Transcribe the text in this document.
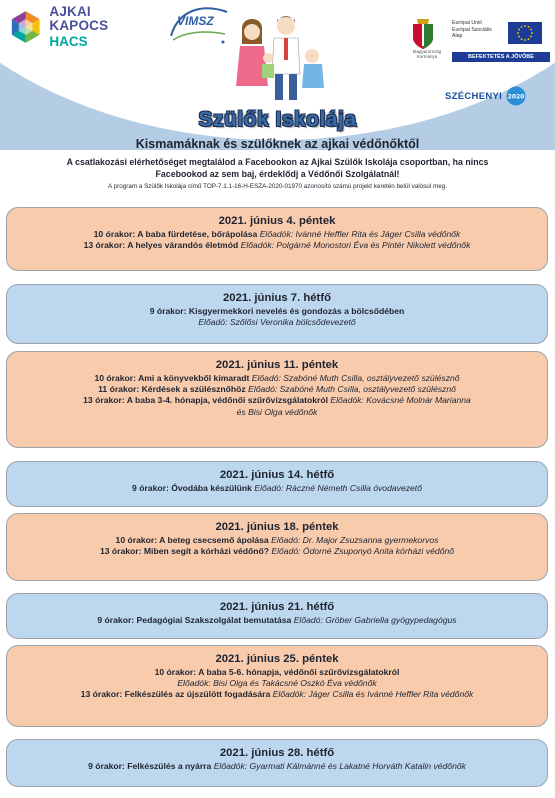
AJKAI KAPOCS
HACS
VIMSZ
Magyarország Kormánya
Európai Unió
Európai Szociális
Alap
BEFEKTETÉS A JÖVŐBE
SZÉCHENYI 2020
Szülők Iskolája
Kismamáknak és szülőknek az ajkai védőnőktől
A csatlakozási elérhetőséget megtalálod a Facebookon az Ajkai Szülők Iskolája csoportban, ha nincs
Facebookod az sem baj, érdeklődj a Védőnői Szolgálatnál!
A program a Szülők Iskolája című TOP-7.1.1-16-H-ESZA-2020-01970 azonosító számú projekt keretén belül valósul meg.
2021. június 4. péntek
10 órakor: A baba fürdetése, bőrápolása Előadók: Ivánné Heffler Rita és Jáger Csilla védőnők
13 órakor: A helyes várandós életmód Előadók: Polgárné Monostori Éva és Pintér Nikolett védőnők
2021. június 7. hétfő
9 órakor: Kisgyermekkori nevelés és gondozás a bölcsődében
Előadó: Szőlősi Veronika bölcsődevezető
2021. június 11. péntek
10 órakor: Ami a könyvekből kimaradt Előadó: Szabóné Muth Csilla, osztályvezető szülésznő
11 órakor: Kérdések a szülésznőhöz Előadó: Szabóné Muth Csilla, osztályvezető szülésznő
13 órakor: A baba 3-4. hónapja, védőnői szűrővizsgálatokról Előadók: Kovácsné Molnár Marianna
és Bisi Olga védőnők
2021. június 14. hétfő
9 órakor: Óvodába készülünk Előadó: Ráczné Németh Csilla óvodavezető
2021. június 18. péntek
10 órakor: A beteg csecsemő ápolása Előadó: Dr. Major Zsuzsanna gyermekorvos
13 órakor: Miben segít a kórházi védőnő? Előadó: Ódorné Zsuponyó Anita kórházi védőnő
2021. június 21. hétfő
9 órakor: Pedagógiai Szakszolgálat bemutatása Előadó: Gröber Gabriella gyógypedagógus
2021. június 25. péntek
10 órakor: A baba 5-6. hónapja, védőnői szűrővizsgálatokról
Előadók: Bisi Olga és Takácsné Oszkó Éva védőnők
13 órakor: Felkészülés az újszülött fogadására Előadók: Jáger Csilla és Ivánné Heffler Rita védőnők
2021. június 28. hétfő
9 órakor: Felkészülés a nyárra Előadók: Gyarmati Kálmánné és Lakatné Horváth Katalin védőnők
